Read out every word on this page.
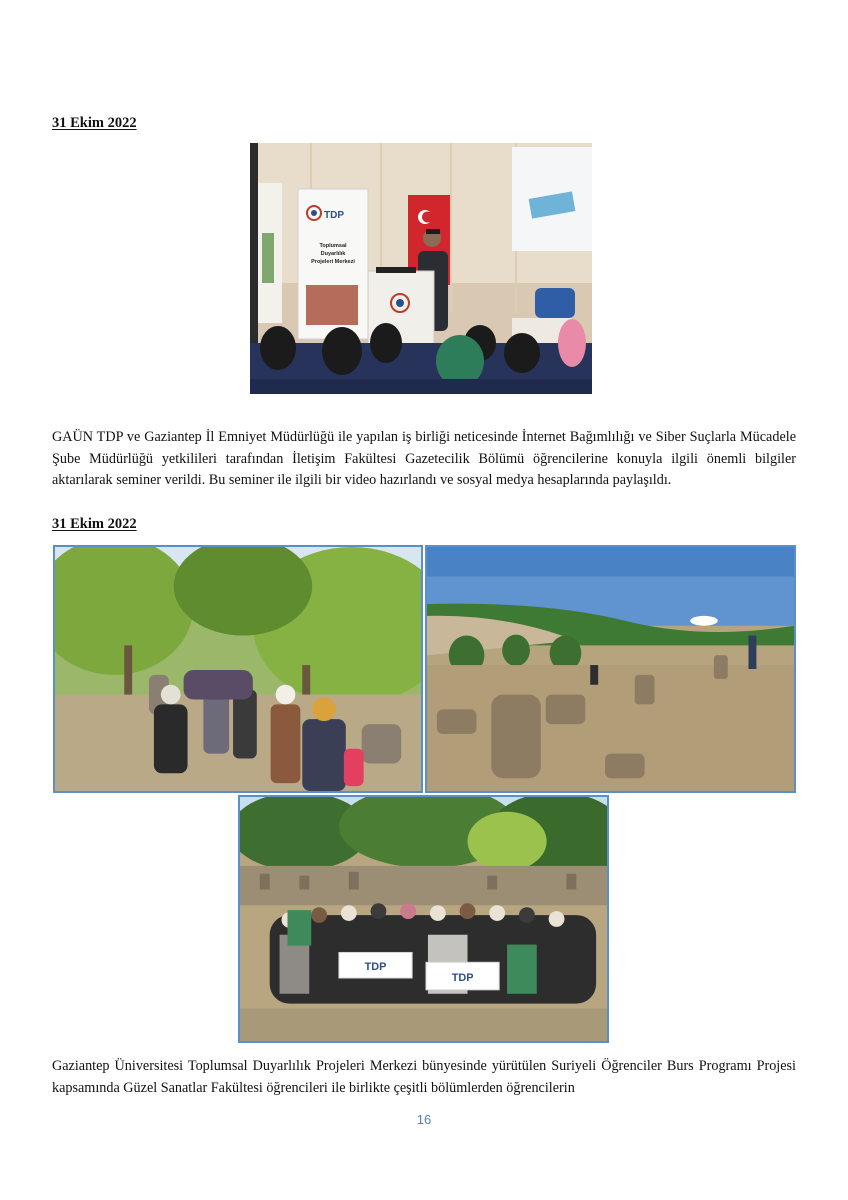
31 Ekim 2022
TDP
Toplumsal
Duyarlılık
Projeleri Merkezi
GAÜN TDP ve Gaziantep İl Emniyet Müdürlüğü ile yapılan iş birliği neticesinde İnternet Bağımlılığı ve Siber Suçlarla Mücadele Şube Müdürlüğü yetkilileri tarafından İletişim Fakültesi Gazetecilik Bölümü öğrencilerine konuyla ilgili önemli bilgiler aktarılarak seminer verildi. Bu seminer ile ilgili bir video hazırlandı ve sosyal medya hesaplarında paylaşıldı.
31 Ekim 2022
TDP
TDP
Gaziantep Üniversitesi Toplumsal Duyarlılık Projeleri Merkezi bünyesinde yürütülen Suriyeli Öğrenciler Burs Programı Projesi kapsamında Güzel Sanatlar Fakültesi öğrencileri ile birlikte çeşitli bölümlerden öğrencilerin
16
